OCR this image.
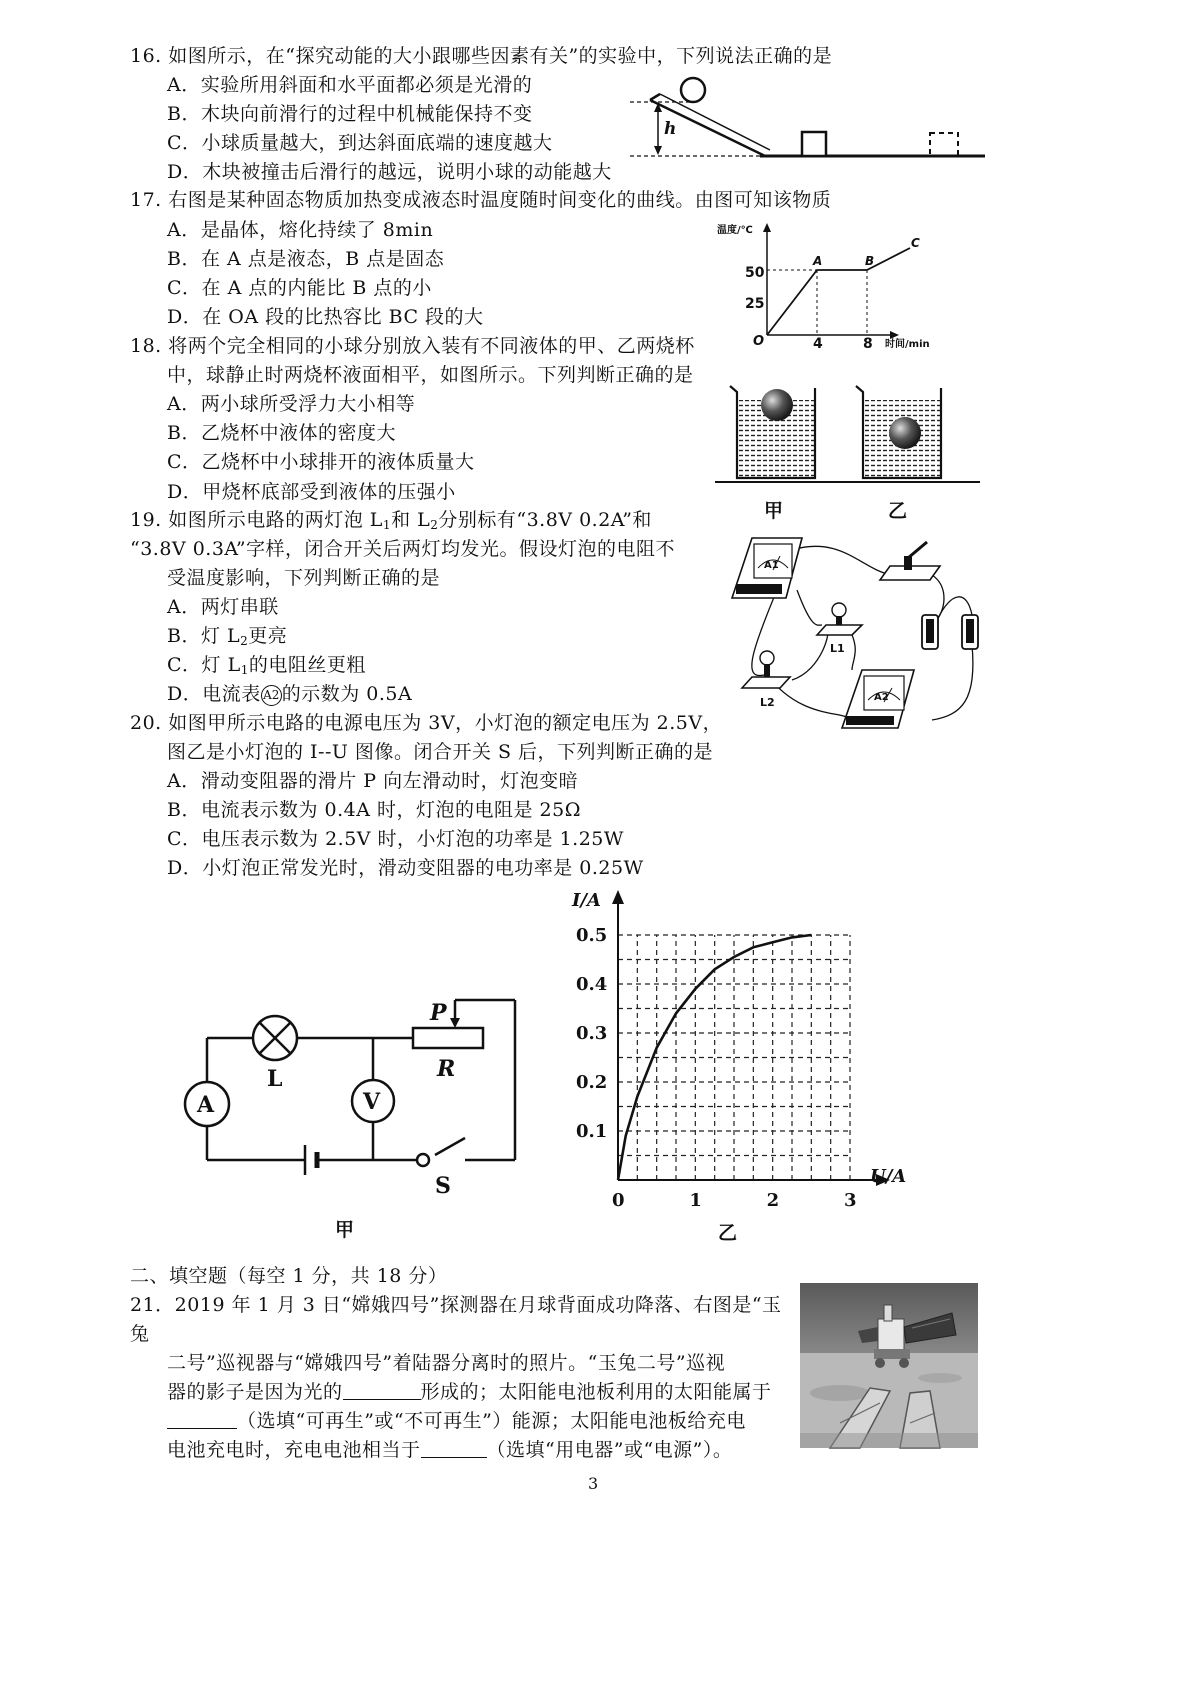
16. 如图所示，在“探究动能的大小跟哪些因素有关”的实验中，下列说法正确的是
A．实验所用斜面和水平面都必须是光滑的
B．木块向前滑行的过程中机械能保持不变
C．小球质量越大，到达斜面底端的速度越大
D．木块被撞击后滑行的越远，说明小球的动能越大
h
17. 右图是某种固态物质加热变成液态时温度随时间变化的曲线。由图可知该物质
A．是晶体，熔化持续了 8min
B．在 A 点是液态，B 点是固态
C．在 A 点的内能比 B 点的小
D．在 OA 段的比热容比 BC 段的大
温度/℃
时间/min
O
50
25
4	8
A	B
C
18. 将两个完全相同的小球分别放入装有不同液体的甲、乙两烧杯
中，球静止时两烧杯液面相平，如图所示。下列判断正确的是
A．两小球所受浮力大小相等
B．乙烧杯中液体的密度大
C．乙烧杯中小球排开的液体质量大
D．甲烧杯底部受到液体的压强小
甲	乙
19. 如图所示电路的两灯泡 $L_1$和 $L_2$分别标有“3.8V 0.2A”和
“3.8V 0.3A”字样，闭合开关后两灯均发光。假设灯泡的电阻不
受温度影响，下列判断正确的是
A．两灯串联
B．灯 $L_2$更亮
C．灯 $L_1$的电阻丝更粗
D．电流表 A2 的示数为 0.5A
A1
L1
L2	A2
20. 如图甲所示电路的电源电压为 3V，小灯泡的额定电压为 2.5V，
图乙是小灯泡的 I--U 图像。闭合开关 S 后，下列判断正确的是
A．滑动变阻器的滑片 P 向左滑动时，灯泡变暗
B．电流表示数为 0.4A 时，灯泡的电阻是 25Ω
C．电压表示数为 2.5V 时，小灯泡的功率是 1.25W
D．小灯泡正常发光时，滑动变阻器的电功率是 0.25W
V
L
A
S
P
R
甲
I/A
U/A
0	1	2	3
0.1
0.2
0.3
0.4
0.5
乙
二、填空题（每空 1 分，共 18 分）
21．2019 年 1 月 3 日“嫦娥四号”探测器在月球背面成功降落、右图是“玉
兔
二号”巡视器与“嫦娥四号”着陆器分离时的照片。“玉兔二号”巡视
器的影子是因为光的	形成的；太阳能电池板利用的太阳能属于
（选填“可再生”或“不可再生”）能源；太阳能电池板给充电
电池充电时，充电电池相当于	（选填“用电器”或“电源”）。
3
